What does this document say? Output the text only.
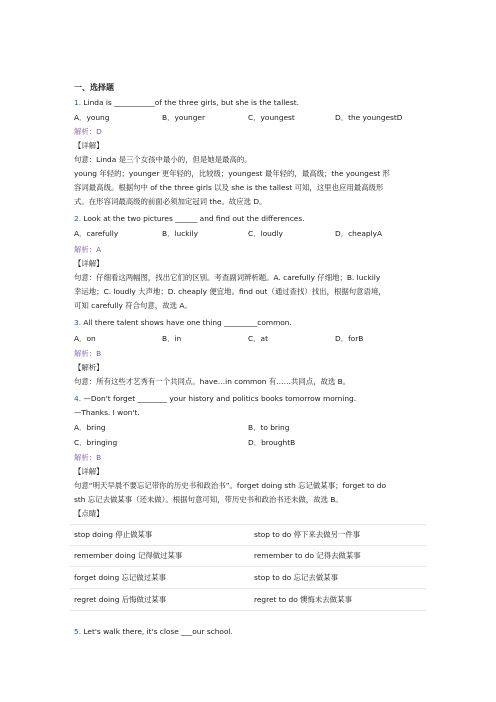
一、选择题
1. Linda is ___________of the three girls, but she is the tallest.
A．young	B．younger	C．youngest	D．the youngestD
解析：D
【详解】
句意：Linda 是三个女孩中最小的，但是她是最高的。
young 年轻的；younger 更年轻的，比较级；youngest 最年轻的，最高级；the youngest 形
容词最高级。根据句中 of the three girls 以及 she is the tallest 可知，这里也应用最高级形
式。在形容词最高级的前面必须加定冠词 the。故应选 D。
2. Look at the two pictures ______ and find out the differences.
A．carefully	B．luckily	C．loudly	D．cheaplyA
解析：A
【详解】
句意：仔细看这两幅图，找出它们的区别。考查副词辨析题。A. carefully 仔细地；B. luckily
幸运地；C. loudly 大声地；D. cheaply 便宜地。find out（通过查找）找出，根据句意语境，
可知 carefully 符合句意，故选 A。
3. All there talent shows have one thing _________common.
A．on	B．in	C．at	D．forB
解析：B
【解析】
句意：所有这些才艺秀有一个共同点。have…in common 有……共同点，故选 B。
4. —Don't forget ________ your history and politics books tomorrow morning.
—Thanks. I won't.
A．bring	B．to bring
C．bringing	D．broughtB
解析：B
【详解】
句意“明天早晨不要忘记带你的历史书和政治书”。forget doing sth 忘记做某事；forget to do
sth 忘记去做某事（还未做）。根据句意可知，带历史书和政治书还未做，故选 B。
【点睛】
stop doing 停止做某事	stop to do 停下来去做另一件事
remember doing 记得做过某事	remember to do 记得去做某事
forget doing 忘记做过某事	stop to do 忘记去做某事
regret doing 后悔做过某事	regret to do 懊悔未去做某事
5. Let's walk there, it's close ___our school.
